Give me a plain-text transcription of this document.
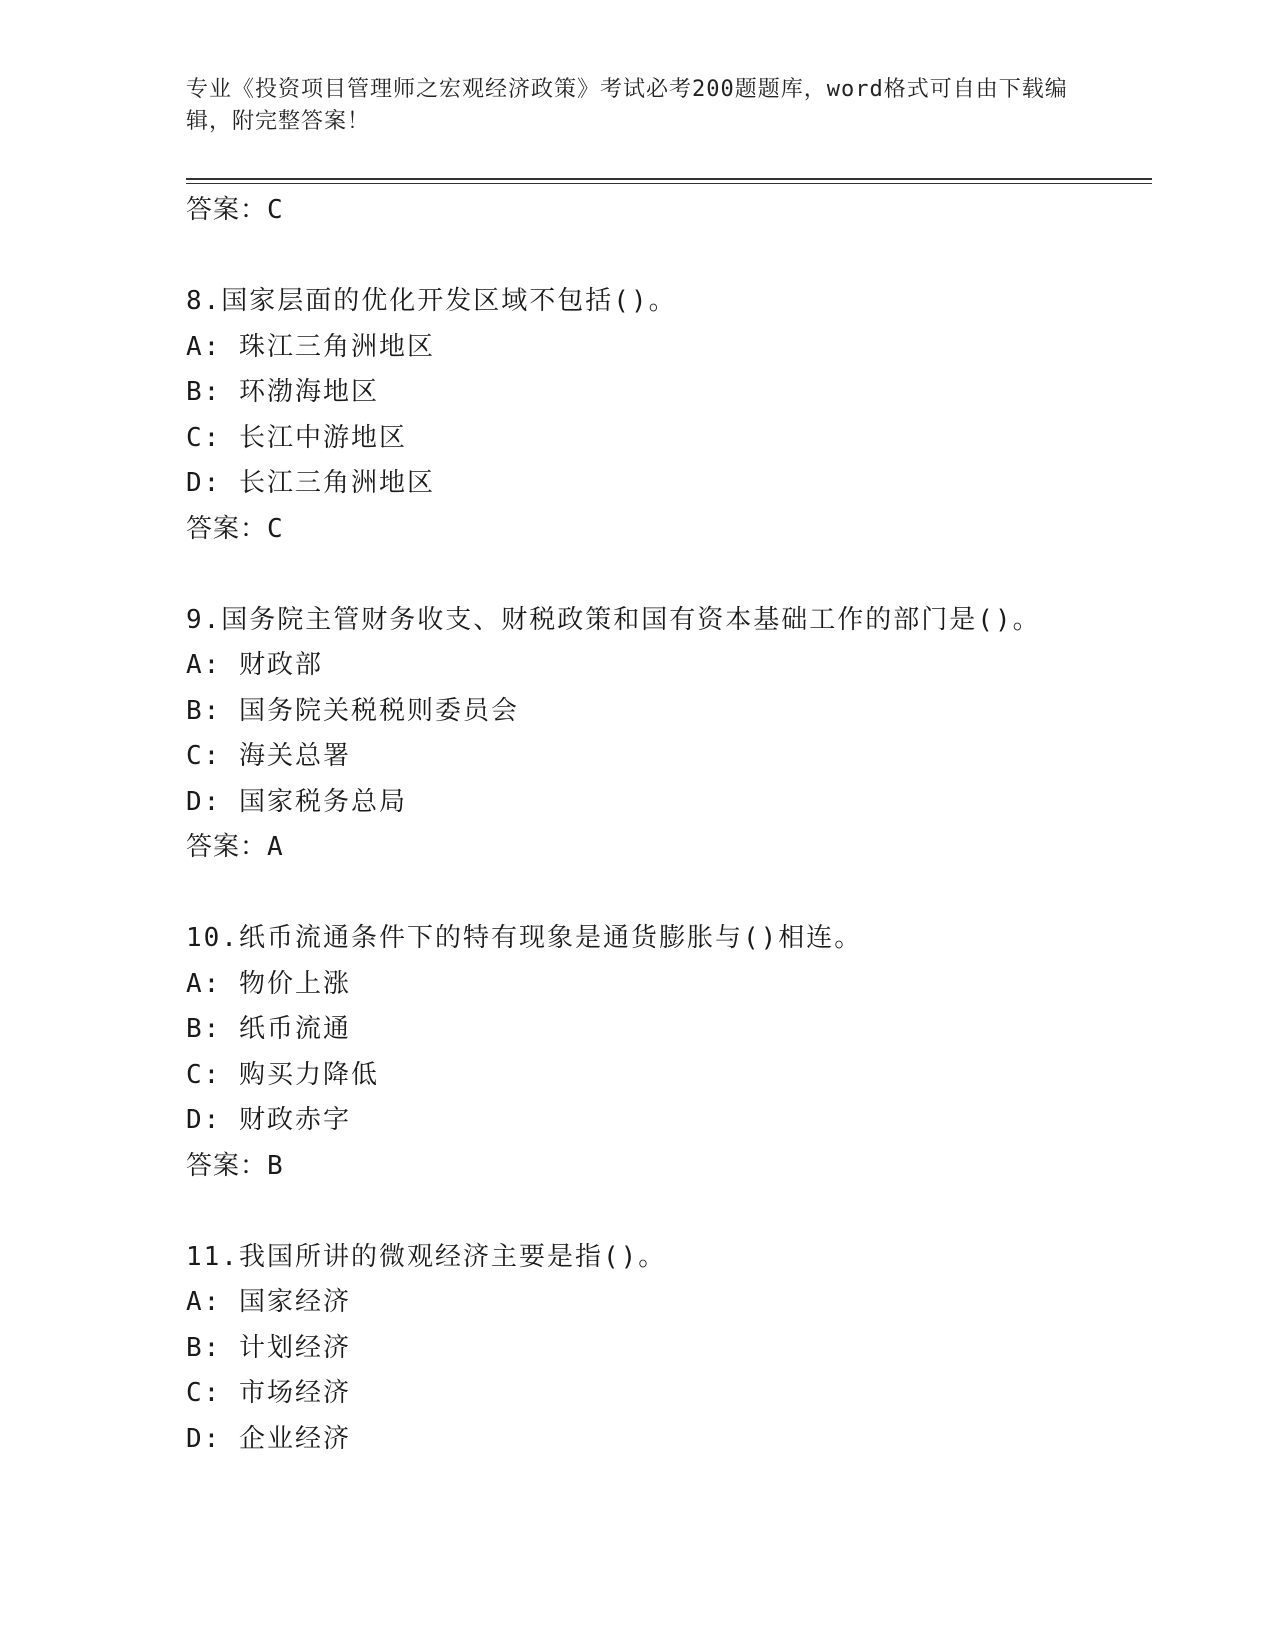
专业《投资项目管理师之宏观经济政策》考试必考200题题库，word格式可自由下载编辑，附完整答案！
答案：C
8.国家层面的优化开发区域不包括()。
A: 珠江三角洲地区
B: 环渤海地区
C: 长江中游地区
D: 长江三角洲地区
答案：C
9.国务院主管财务收支、财税政策和国有资本基础工作的部门是()。
A: 财政部
B: 国务院关税税则委员会
C: 海关总署
D: 国家税务总局
答案：A
10.纸币流通条件下的特有现象是通货膨胀与()相连。
A: 物价上涨
B: 纸币流通
C: 购买力降低
D: 财政赤字
答案：B
11.我国所讲的微观经济主要是指()。
A: 国家经济
B: 计划经济
C: 市场经济
D: 企业经济
